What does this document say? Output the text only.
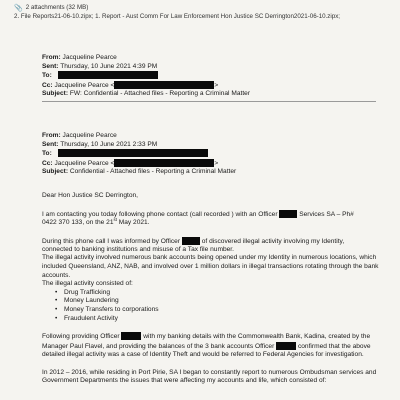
📎 2 attachments (32 MB)
2. File Reports21-06-10.zipx; 1. Report - Aust Comm For Law Enforcement Hon Justice SC Derrington2021-06-10.zipx;
From: Jacqueline Pearce
Sent: Thursday, 10 June 2021 4:39 PM
To:
Cc: Jacqueline Pearce <	>
Subject: FW: Confidential - Attached files - Reporting a Criminal Matter
From: Jacqueline Pearce
Sent: Thursday, 10 June 2021 2:33 PM
To:
Cc: Jacqueline Pearce <	>
Subject: Confidential - Attached files - Reporting a Criminal Matter

Dear Hon Justice SC Derrington,

I am contacting you today following phone contact (call recorded ) with an Officer	Services SA – Ph#
0422 370 133, on the 21st May 2021.

During this phone call I was informed by Officer	of discovered illegal activity involving my Identity,
connected to banking institutions and misuse of a Tax file number.

The illegal activity involved numerous bank accounts being opened under my Identity in numerous locations, which included Queensland, ANZ, NAB, and involved over 1 million dollars in illegal transactions rotating through the bank accounts.

The illegal activity consisted of:

• Drug Trafficking
• Money Laundering
• Money Transfers to corporations
• Fraudulent Activity

Following providing Officer	with my banking details with the Commonwealth Bank, Kadina, created by the Manager Paul Flavel, and providing the balances of the 3 bank accounts Officer	confirmed that the above detailed illegal activity was a case of Identity Theft and would be referred to Federal Agencies for investigation.

In 2012 – 2016, while residing in Port Pirie, SA I began to constantly report to numerous Ombudsman services and Government Departments the issues that were affecting my accounts and life, which consisted of:
